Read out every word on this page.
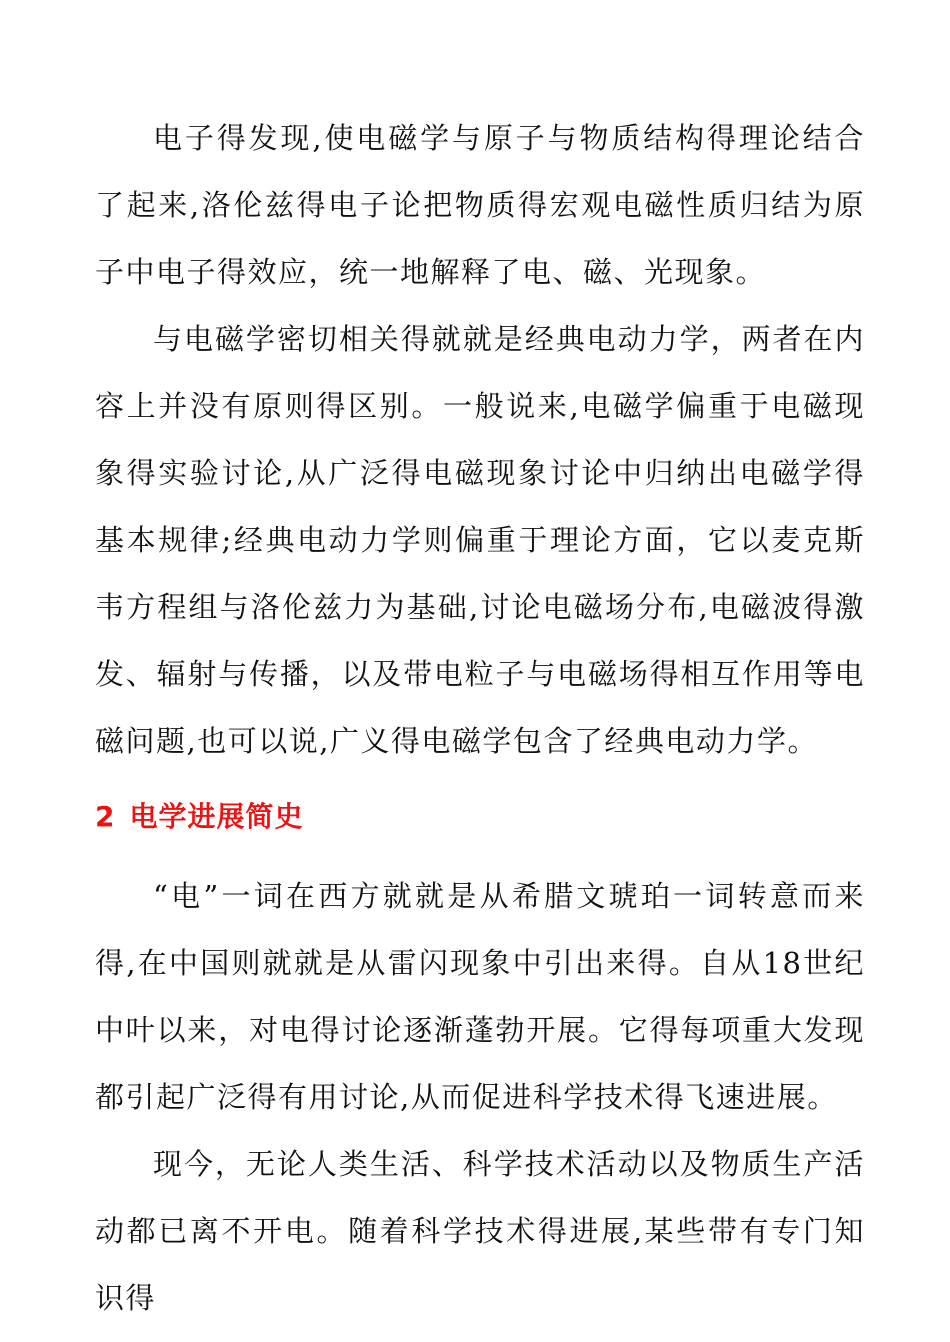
电子得发现,使电磁学与原子与物质结构得理论结合了起来,洛伦兹得电子论把物质得宏观电磁性质归结为原子中电子得效应，统一地解释了电、磁、光现象。

与电磁学密切相关得就就是经典电动力学，两者在内容上并没有原则得区别。一般说来,电磁学偏重于电磁现象得实验讨论,从广泛得电磁现象讨论中归纳出电磁学得基本规律;经典电动力学则偏重于理论方面，它以麦克斯韦方程组与洛伦兹力为基础,讨论电磁场分布,电磁波得激发、辐射与传播，以及带电粒子与电磁场得相互作用等电磁问题,也可以说,广义得电磁学包含了经典电动力学。

2 电学进展简史

“电”一词在西方就就是从希腊文琥珀一词转意而来得,在中国则就就是从雷闪现象中引出来得。自从18世纪中叶以来，对电得讨论逐渐蓬勃开展。它得每项重大发现都引起广泛得有用讨论,从而促进科学技术得飞速进展。

现今，无论人类生活、科学技术活动以及物质生产活动都已离不开电。随着科学技术得进展,某些带有专门知识得
